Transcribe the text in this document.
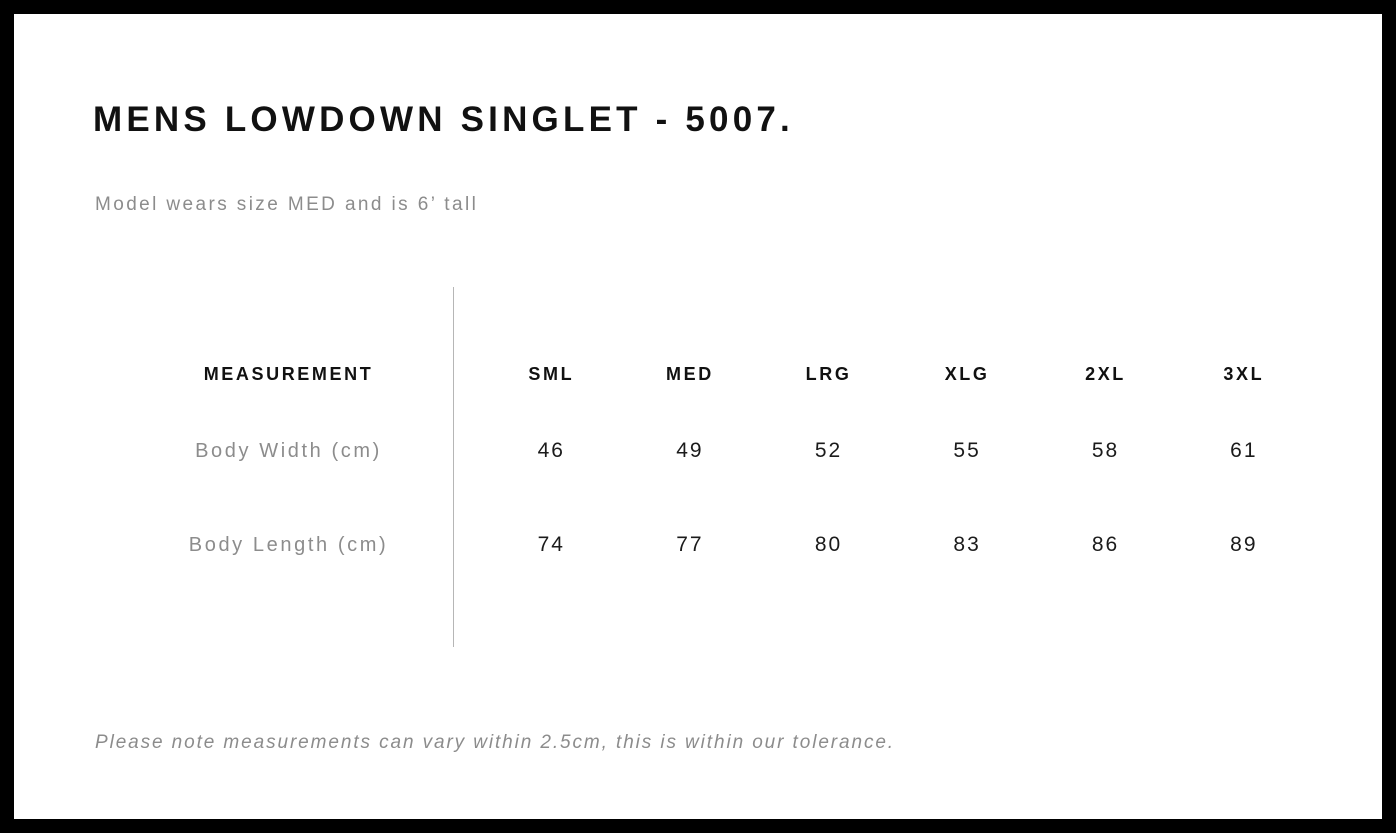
MENS LOWDOWN SINGLET - 5007.
Model wears size MED and is 6’ tall
MEASUREMENT	SML	MED	LRG	XLG	2XL	3XL
Body Width (cm)	46	49	52	55	58	61
Body Length (cm)	74	77	80	83	86	89
Please note measurements can vary within 2.5cm, this is within our tolerance.
